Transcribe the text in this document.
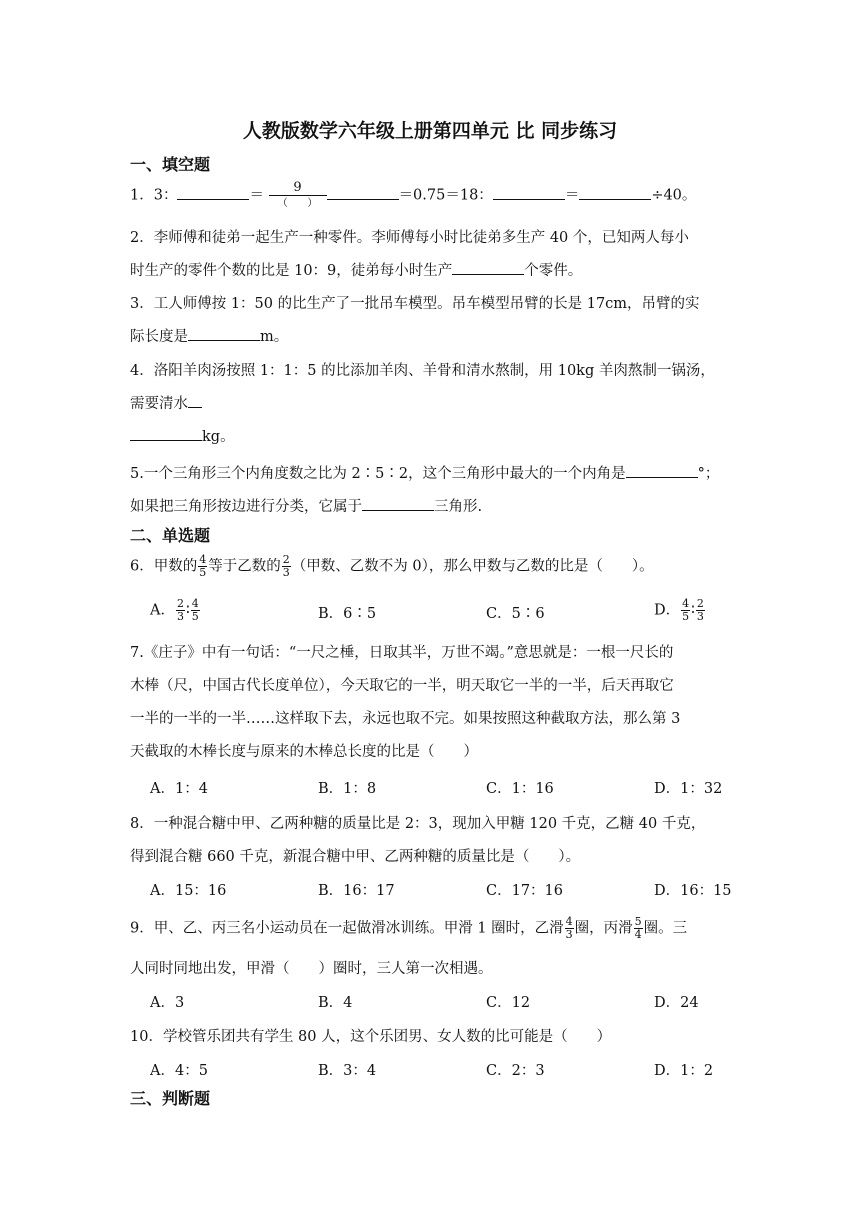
人教版数学六年级上册第四单元 比 同步练习
一、填空题
1．3：	＝ $\frac{9}{( )}$	＝0.75＝18：	＝	÷40。
2．李师傅和徒弟一起生产一种零件。李师傅每小时比徒弟多生产 40 个，已知两人每小
时生产的零件个数的比是 10：9，徒弟每小时生产	个零件。
3．工人师傅按 1：50 的比生产了一批吊车模型。吊车模型吊臂的长是 17cm，吊臂的实
际长度是	m。
4．洛阳羊肉汤按照 1：1：5 的比添加羊肉、羊骨和清水熬制，用 10kg 羊肉熬制一锅汤，
需要清水
kg。
5.一个三角形三个内角度数之比为 2∶5∶2，这个三角形中最大的一个内角是	°；
如果把三角形按边进行分类，它属于	三角形.
二、单选题
6．甲数的 $\frac{4}{5}$ 等于乙数的 $\frac{2}{3}$ （甲数、乙数不为 0），那么甲数与乙数的比是（　　）。
A． $\frac{2}{3}$ ∶ $\frac{4}{5}$	B．6∶5	C．5∶6	D． $\frac{4}{5}$ ∶ $\frac{2}{3}$
7.《庄子》中有一句话：“一尺之棰，日取其半，万世不竭。”意思就是：一根一尺长的
木棒（尺，中国古代长度单位），今天取它的一半，明天取它一半的一半，后天再取它
一半的一半的一半……这样取下去，永远也取不完。如果按照这种截取方法，那么第 3
天截取的木棒长度与原来的木棒总长度的比是（　　）
A．1：4	B．1：8	C．1：16	D．1：32
8．一种混合糖中甲、乙两种糖的质量比是 2：3，现加入甲糖 120 千克，乙糖 40 千克，
得到混合糖 660 千克，新混合糖中甲、乙两种糖的质量比是（　　）。
A．15：16	B．16：17	C．17：16	D．16：15
9．甲、乙、丙三名小运动员在一起做滑冰训练。甲滑 1 圈时，乙滑 $\frac{4}{3}$ 圈，丙滑 $\frac{5}{4}$ 圈。三
人同时同地出发，甲滑（　　）圈时，三人第一次相遇。
A．3	B．4	C．12	D．24
10．学校管乐团共有学生 80 人，这个乐团男、女人数的比可能是（　　）
A．4：5	B．3：4	C．2：3	D．1：2
三、判断题
